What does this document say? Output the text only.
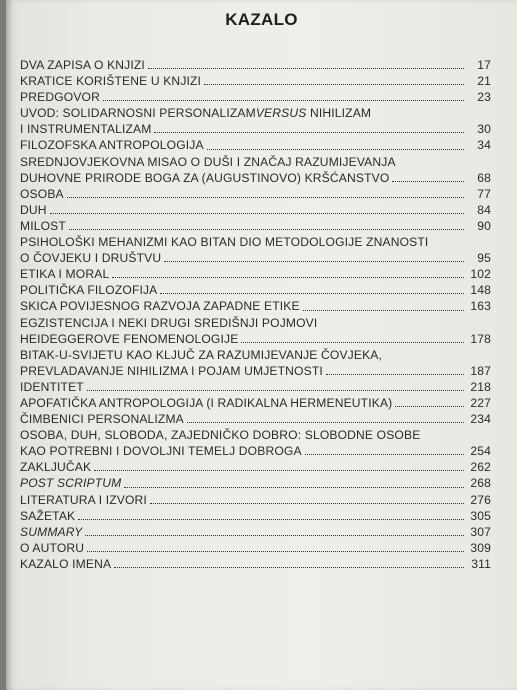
KAZALO
DVA ZAPISA O KNJIZI	17
KRATICE KORIŠTENE U KNJIZI	21
PREDGOVOR	23
UVOD: SOLIDARNOSNI PERSONALIZAM VERSUS NIHILIZAM
I INSTRUMENTALIZAM	30
FILOZOFSKA ANTROPOLOGIJA	34
SREDNJOVJEKOVNA MISAO O DUŠI I ZNAČAJ RAZUMIJEVANJA
DUHOVNE PRIRODE BOGA ZA (AUGUSTINOVO) KRŠĆANSTVO	68
OSOBA	77
DUH	84
MILOST	90
PSIHOLOŠKI MEHANIZMI KAO BITAN DIO METODOLOGIJE ZNANOSTI
O ČOVJEKU I DRUŠTVU	95
ETIKA I MORAL	102
POLITIČKA FILOZOFIJA	148
SKICA POVIJESNOG RAZVOJA ZAPADNE ETIKE	163
EGZISTENCIJA I NEKI DRUGI SREDIŠNJI POJMOVI
HEIDEGGEROVE FENOMENOLOGIJE	178
BITAK-U-SVIJETU KAO KLJUČ ZA RAZUMIJEVANJE ČOVJEKA,
PREVLADAVANJE NIHILIZMA I POJAM UMJETNOSTI	187
IDENTITET	218
APOFATIČKA ANTROPOLOGIJA (I RADIKALNA HERMENEUTIKA)	227
ČIMBENICI PERSONALIZMA	234
OSOBA, DUH, SLOBODA, ZAJEDNIČKO DOBRO: SLOBODNE OSOBE
KAO POTREBNI I DOVOLJNI TEMELJ DOBROGA	254
ZAKLJUČAK	262
POST SCRIPTUM	268
LITERATURA I IZVORI	276
SAŽETAK	305
SUMMARY	307
O AUTORU	309
KAZALO IMENA	311
